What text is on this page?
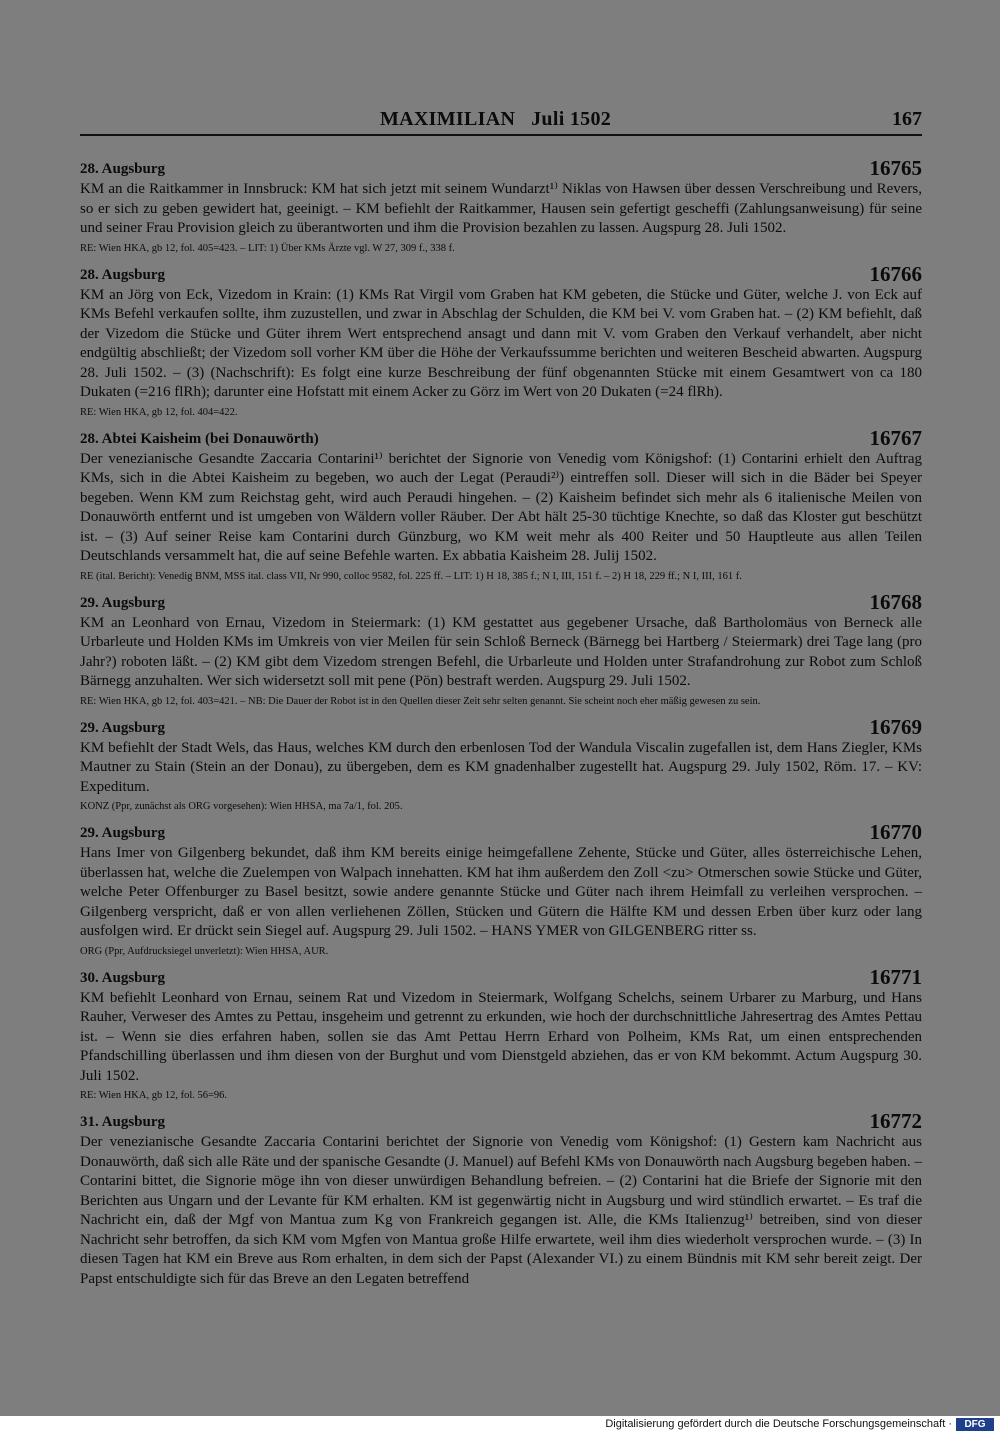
MAXIMILIAN   Juli 1502	167
28. Augsburg	16765

KM an die Raitkammer in Innsbruck: KM hat sich jetzt mit seinem Wundarzt¹⁾ Niklas von Hawsen über dessen Verschreibung und Revers, so er sich zu geben gewidert hat, geeinigt. – KM befiehlt der Raitkammer, Hausen sein gefertigt gescheffi (Zahlungsanweisung) für seine und seiner Frau Provision gleich zu überantworten und ihm die Provision bezahlen zu lassen. Augspurg 28. Juli 1502.

RE: Wien HKA, gb 12, fol. 405=423. – LIT: 1) Über KMs Ärzte vgl. W 27, 309 f., 338 f.

28. Augsburg	16766

KM an Jörg von Eck, Vizedom in Krain: (1) KMs Rat Virgil vom Graben hat KM gebeten, die Stücke und Güter, welche J. von Eck auf KMs Befehl verkaufen sollte, ihm zuzustellen, und zwar in Abschlag der Schulden, die KM bei V. vom Graben hat. – (2) KM befiehlt, daß der Vizedom die Stücke und Güter ihrem Wert entsprechend ansagt und dann mit V. vom Graben den Verkauf verhandelt, aber nicht endgültig abschließt; der Vizedom soll vorher KM über die Höhe der Verkaufssumme berichten und weiteren Bescheid abwarten. Augspurg 28. Juli 1502. – (3) (Nachschrift): Es folgt eine kurze Beschreibung der fünf obgenannten Stücke mit einem Gesamtwert von ca 180 Dukaten (=216 flRh); darunter eine Hofstatt mit einem Acker zu Görz im Wert von 20 Dukaten (=24 flRh).

RE: Wien HKA, gb 12, fol. 404=422.

28. Abtei Kaisheim (bei Donauwörth)	16767

Der venezianische Gesandte Zaccaria Contarini¹⁾ berichtet der Signorie von Venedig vom Königshof: (1) Contarini erhielt den Auftrag KMs, sich in die Abtei Kaisheim zu begeben, wo auch der Legat (Peraudi²⁾) eintreffen soll. Dieser will sich in die Bäder bei Speyer begeben. Wenn KM zum Reichstag geht, wird auch Peraudi hingehen. – (2) Kaisheim befindet sich mehr als 6 italienische Meilen von Donauwörth entfernt und ist umgeben von Wäldern voller Räuber. Der Abt hält 25-30 tüchtige Knechte, so daß das Kloster gut beschützt ist. – (3) Auf seiner Reise kam Contarini durch Günzburg, wo KM weit mehr als 400 Reiter und 50 Hauptleute aus allen Teilen Deutschlands versammelt hat, die auf seine Befehle warten. Ex abbatia Kaisheim 28. Julij 1502.

RE (ital. Bericht): Venedig BNM, MSS ital. class VII, Nr 990, colloc 9582, fol. 225 ff. – LIT: 1) H 18, 385 f.; N I, III, 151 f. – 2) H 18, 229 ff.; N I, III, 161 f.

29. Augsburg	16768

KM an Leonhard von Ernau, Vizedom in Steiermark: (1) KM gestattet aus gegebener Ursache, daß Bartholomäus von Berneck alle Urbarleute und Holden KMs im Umkreis von vier Meilen für sein Schloß Berneck (Bärnegg bei Hartberg / Steiermark) drei Tage lang (pro Jahr?) roboten läßt. – (2) KM gibt dem Vizedom strengen Befehl, die Urbarleute und Holden unter Strafandrohung zur Robot zum Schloß Bärnegg anzuhalten. Wer sich widersetzt soll mit pene (Pön) bestraft werden. Augspurg 29. Juli 1502.

RE: Wien HKA, gb 12, fol. 403=421. – NB: Die Dauer der Robot ist in den Quellen dieser Zeit sehr selten genannt. Sie scheint noch eher mäßig gewesen zu sein.

29. Augsburg	16769

KM befiehlt der Stadt Wels, das Haus, welches KM durch den erbenlosen Tod der Wandula Viscalin zugefallen ist, dem Hans Ziegler, KMs Mautner zu Stain (Stein an der Donau), zu übergeben, dem es KM gnadenhalber zugestellt hat. Augspurg 29. July 1502, Röm. 17. – KV: Expeditum.

KONZ (Ppr, zunächst als ORG vorgesehen): Wien HHSA, ma 7a/1, fol. 205.

29. Augsburg	16770

Hans Imer von Gilgenberg bekundet, daß ihm KM bereits einige heimgefallene Zehente, Stücke und Güter, alles österreichische Lehen, überlassen hat, welche die Zuelempen von Walpach innehatten. KM hat ihm außerdem den Zoll <zu> Otmerschen sowie Stücke und Güter, welche Peter Offenburger zu Basel besitzt, sowie andere genannte Stücke und Güter nach ihrem Heimfall zu verleihen versprochen. – Gilgenberg verspricht, daß er von allen verliehenen Zöllen, Stücken und Gütern die Hälfte KM und dessen Erben über kurz oder lang ausfolgen wird. Er drückt sein Siegel auf. Augspurg 29. Juli 1502. – HANS YMER von GILGENBERG ritter ss.

ORG (Ppr, Aufdrucksiegel unverletzt): Wien HHSA, AUR.

30. Augsburg	16771

KM befiehlt Leonhard von Ernau, seinem Rat und Vizedom in Steiermark, Wolfgang Schelchs, seinem Urbarer zu Marburg, und Hans Rauher, Verweser des Amtes zu Pettau, insgeheim und getrennt zu erkunden, wie hoch der durchschnittliche Jahresertrag des Amtes Pettau ist. – Wenn sie dies erfahren haben, sollen sie das Amt Pettau Herrn Erhard von Polheim, KMs Rat, um einen entsprechenden Pfandschilling überlassen und ihm diesen von der Burghut und vom Dienstgeld abziehen, das er von KM bekommt. Actum Augspurg 30. Juli 1502.

RE: Wien HKA, gb 12, fol. 56=96.

31. Augsburg	16772

Der venezianische Gesandte Zaccaria Contarini berichtet der Signorie von Venedig vom Königshof: (1) Gestern kam Nachricht aus Donauwörth, daß sich alle Räte und der spanische Gesandte (J. Manuel) auf Befehl KMs von Donauwörth nach Augsburg begeben haben. – Contarini bittet, die Signorie möge ihn von dieser unwürdigen Behandlung befreien. – (2) Contarini hat die Briefe der Signorie mit den Berichten aus Ungarn und der Levante für KM erhalten. KM ist gegenwärtig nicht in Augsburg und wird stündlich erwartet. – Es traf die Nachricht ein, daß der Mgf von Mantua zum Kg von Frankreich gegangen ist. Alle, die KMs Italienzug¹⁾ betreiben, sind von dieser Nachricht sehr betroffen, da sich KM vom Mgfen von Mantua große Hilfe erwartete, weil ihm dies wiederholt versprochen wurde. – (3) In diesen Tagen hat KM ein Breve aus Rom erhalten, in dem sich der Papst (Alexander VI.) zu einem Bündnis mit KM sehr bereit zeigt. Der Papst entschuldigte sich für das Breve an den Legaten betreffend

Digitalisierung gefördert durch die Deutsche Forschungsgemeinschaft ·	DFG
